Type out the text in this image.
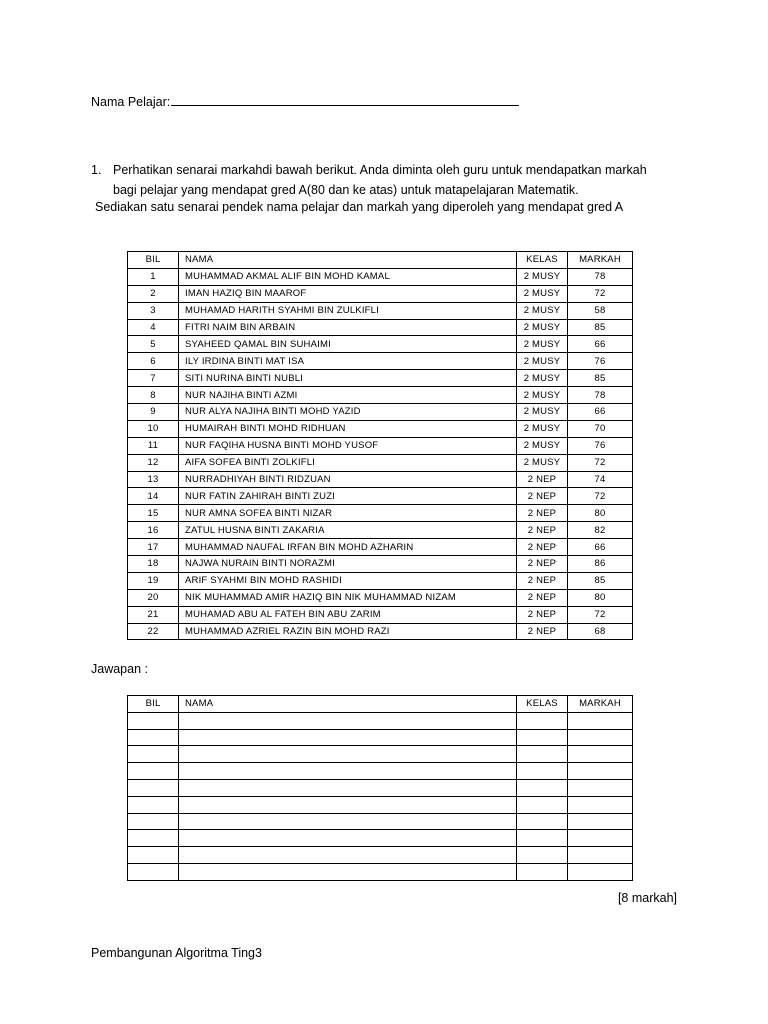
Nama Pelajar:
1. Perhatikan senarai markahdi bawah berikut. Anda diminta oleh guru untuk mendapatkan markah
bagi pelajar yang mendapat gred A(80 dan ke atas) untuk matapelajaran Matematik.
Sediakan satu senarai pendek nama pelajar dan markah yang diperoleh yang mendapat gred A
BIL	NAMA	KELAS	MARKAH
1	MUHAMMAD AKMAL ALIF BIN MOHD KAMAL	2 MUSY	78
2	IMAN HAZIQ BIN MAAROF	2 MUSY	72
3	MUHAMAD HARITH SYAHMI BIN ZULKIFLI	2 MUSY	58
4	FITRI NAIM BIN ARBAIN	2 MUSY	85
5	SYAHEED QAMAL BIN SUHAIMI	2 MUSY	66
6	ILY IRDINA BINTI MAT ISA	2 MUSY	76
7	SITI NURINA BINTI NUBLI	2 MUSY	85
8	NUR NAJIHA BINTI AZMI	2 MUSY	78
9	NUR ALYA NAJIHA BINTI MOHD YAZID	2 MUSY	66
10	HUMAIRAH BINTI MOHD RIDHUAN	2 MUSY	70
11	NUR FAQIHA HUSNA BINTI MOHD YUSOF	2 MUSY	76
12	AIFA SOFEA BINTI ZOLKIFLI	2 MUSY	72
13	NURRADHIYAH BINTI RIDZUAN	2 NEP	74
14	NUR FATIN ZAHIRAH BINTI ZUZI	2 NEP	72
15	NUR AMNA SOFEA BINTI NIZAR	2 NEP	80
16	ZATUL HUSNA BINTI ZAKARIA	2 NEP	82
17	MUHAMMAD NAUFAL IRFAN BIN MOHD AZHARIN	2 NEP	66
18	NAJWA NURAIN BINTI NORAZMI	2 NEP	86
19	ARIF SYAHMI BIN MOHD RASHIDI	2 NEP	85
20	NIK MUHAMMAD AMIR HAZIQ BIN NIK MUHAMMAD NIZAM	2 NEP	80
21	MUHAMAD ABU AL FATEH BIN ABU ZARIM	2 NEP	72
22	MUHAMMAD AZRIEL RAZIN BIN MOHD RAZI	2 NEP	68
Jawapan :
BIL	NAMA	KELAS	MARKAH

[8 markah]
Pembangunan Algoritma Ting3
